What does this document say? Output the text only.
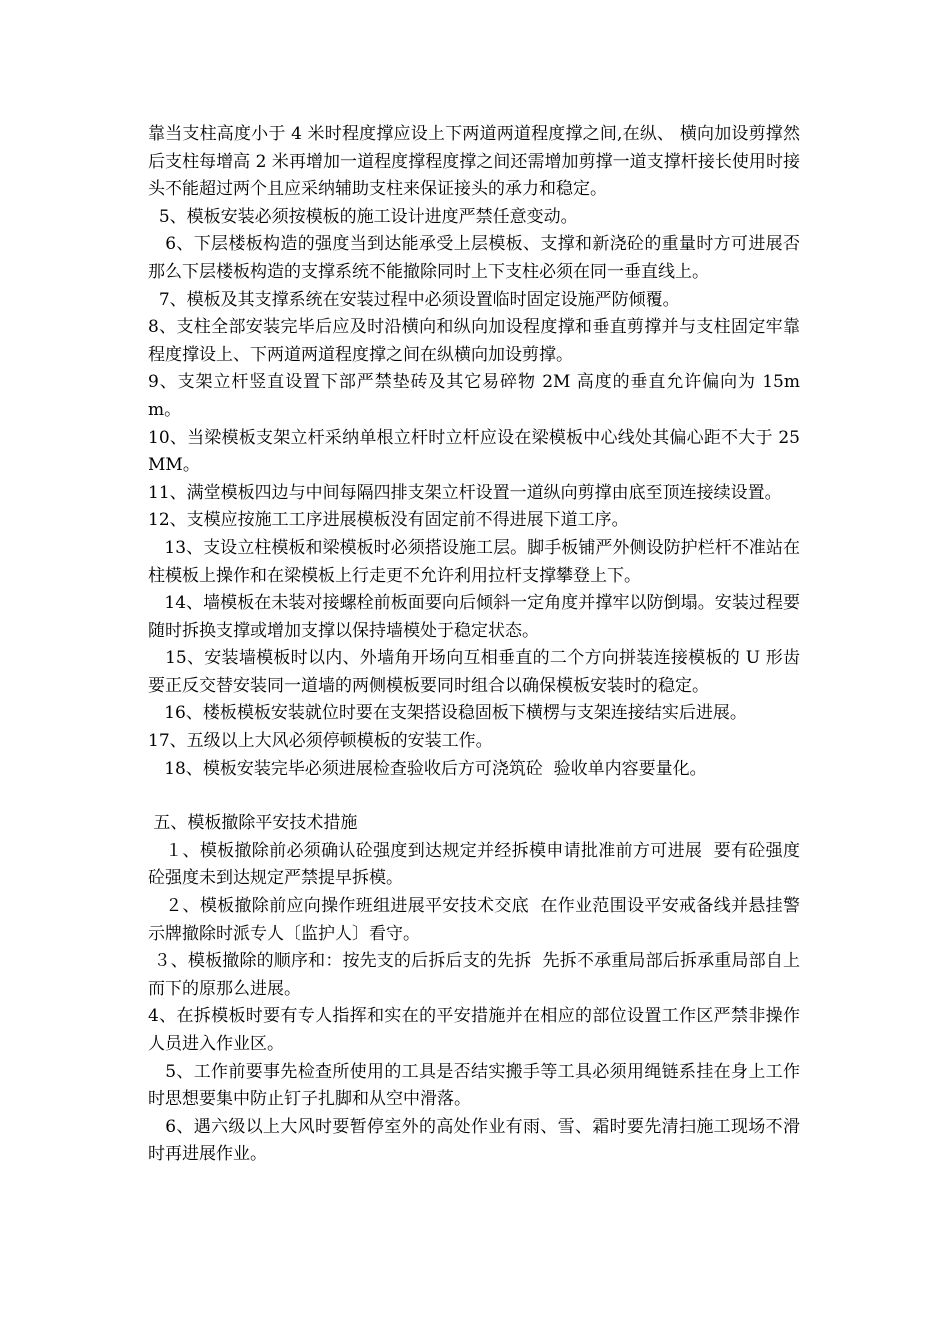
靠当支柱高度小于 4 米时程度撑应设上下两道两道程度撑之间,在纵、 横向加设剪撑然后支柱每增高 2 米再增加一道程度撑程度撑之间还需增加剪撑一道支撑杆接长使用时接头不能超过两个且应采纳辅助支柱来保证接头的承力和稳定。

5、模板安装必须按模板的施工设计进度严禁任意变动。

6、下层楼板构造的强度当到达能承受上层模板、支撑和新浇砼的重量时方可进展否那么下层楼板构造的支撑系统不能撤除同时上下支柱必须在同一垂直线上。

7、模板及其支撑系统在安装过程中必须设置临时固定设施严防倾覆。

8、支柱全部安装完毕后应及时沿横向和纵向加设程度撑和垂直剪撑并与支柱固定牢靠程度撑设上、下两道两道程度撑之间在纵横向加设剪撑。

9、支架立杆竖直设置下部严禁垫砖及其它易碎物 2M 高度的垂直允许偏向为 15mm。

10、当梁模板支架立杆采纳单根立杆时立杆应设在梁模板中心线处其偏心距不大于 25MM。

11、满堂模板四边与中间每隔四排支架立杆设置一道纵向剪撑由底至顶连接续设置。

12、支模应按施工工序进展模板没有固定前不得进展下道工序。

13、支设立柱模板和梁模板时必须搭设施工层。脚手板铺严外侧设防护栏杆不准站在柱模板上操作和在梁模板上行走更不允许利用拉杆支撑攀登上下。

14、墙模板在未装对接螺栓前板面要向后倾斜一定角度并撑牢以防倒塌。安装过程要随时拆换支撑或增加支撑以保持墙模处于稳定状态。

15、安装墙模板时以内、外墙角开场向互相垂直的二个方向拼装连接模板的 U 形齿要正反交替安装同一道墙的两侧模板要同时组合以确保模板安装时的稳定。

16、楼板模板安装就位时要在支架搭设稳固板下横楞与支架连接结实后进展。

17、五级以上大风必须停顿模板的安装工作。

18、模板安装完毕必须进展检查验收后方可浇筑砼  验收单内容要量化。

五、模板撤除平安技术措施

１、模板撤除前必须确认砼强度到达规定并经拆模申请批准前方可进展  要有砼强度砼强度未到达规定严禁提早拆模。

２、模板撤除前应向操作班组进展平安技术交底  在作业范围设平安戒备线并悬挂警示牌撤除时派专人〔监护人〕看守。

３、模板撤除的顺序和：按先支的后拆后支的先拆  先拆不承重局部后拆承重局部自上而下的原那么进展。

4、在拆模板时要有专人指挥和实在的平安措施并在相应的部位设置工作区严禁非操作人员进入作业区。

5、工作前要事先检查所使用的工具是否结实搬手等工具必须用绳链系挂在身上工作时思想要集中防止钉子扎脚和从空中滑落。

6、遇六级以上大风时要暂停室外的高处作业有雨、雪、霜时要先清扫施工现场不滑时再进展作业。
